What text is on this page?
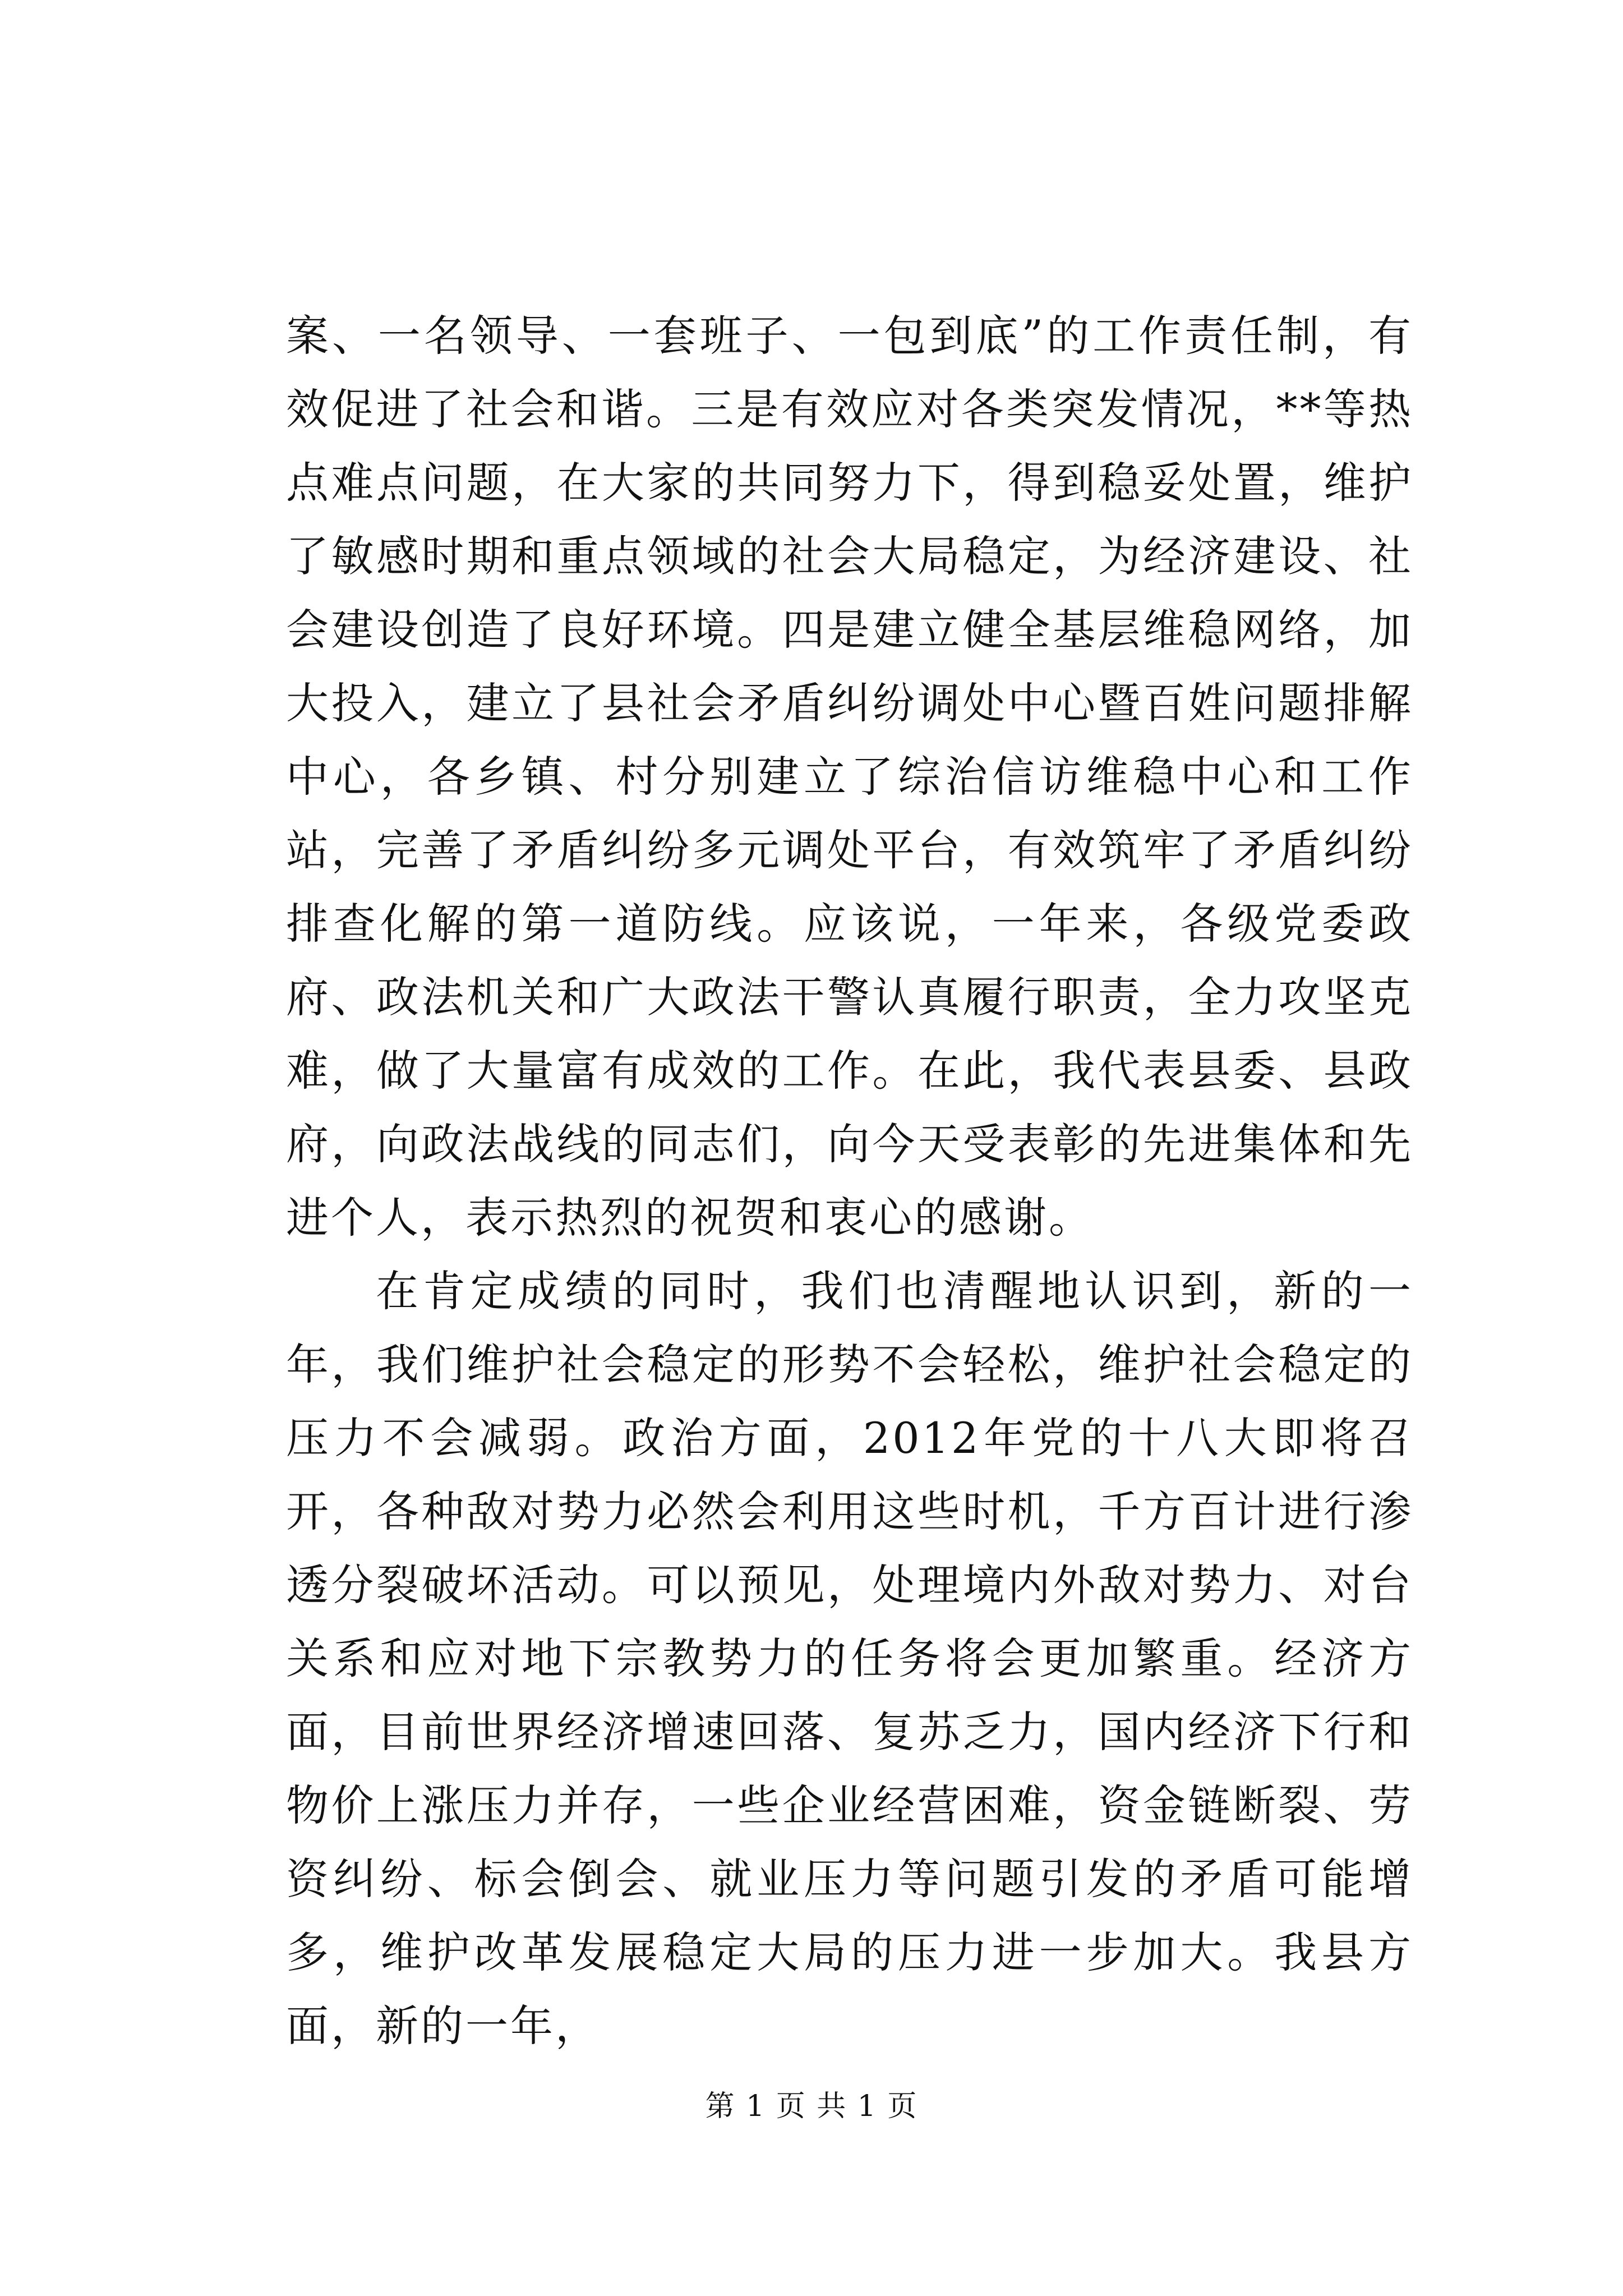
案、一名领导、一套班子、一包到底”的工作责任制，有效促进了社会和谐。三是有效应对各类突发情况，**等热点难点问题，在大家的共同努力下，得到稳妥处置，维护了敏感时期和重点领域的社会大局稳定，为经济建设、社会建设创造了良好环境。四是建立健全基层维稳网络，加大投入，建立了县社会矛盾纠纷调处中心暨百姓问题排解中心，各乡镇、村分别建立了综治信访维稳中心和工作站，完善了矛盾纠纷多元调处平台，有效筑牢了矛盾纠纷排查化解的第一道防线。应该说，一年来，各级党委政府、政法机关和广大政法干警认真履行职责，全力攻坚克难，做了大量富有成效的工作。在此，我代表县委、县政府，向政法战线的同志们，向今天受表彰的先进集体和先进个人，表示热烈的祝贺和衷心的感谢。

在肯定成绩的同时，我们也清醒地认识到，新的一年，我们维护社会稳定的形势不会轻松，维护社会稳定的压力不会减弱。政治方面，2012年党的十八大即将召开，各种敌对势力必然会利用这些时机，千方百计进行渗透分裂破坏活动。可以预见，处理境内外敌对势力、对台关系和应对地下宗教势力的任务将会更加繁重。经济方面，目前世界经济增速回落、复苏乏力，国内经济下行和物价上涨压力并存，一些企业经营困难，资金链断裂、劳资纠纷、标会倒会、就业压力等问题引发的矛盾可能增多，维护改革发展稳定大局的压力进一步加大。我县方面，新的一年，

第 1 页 共 1 页
